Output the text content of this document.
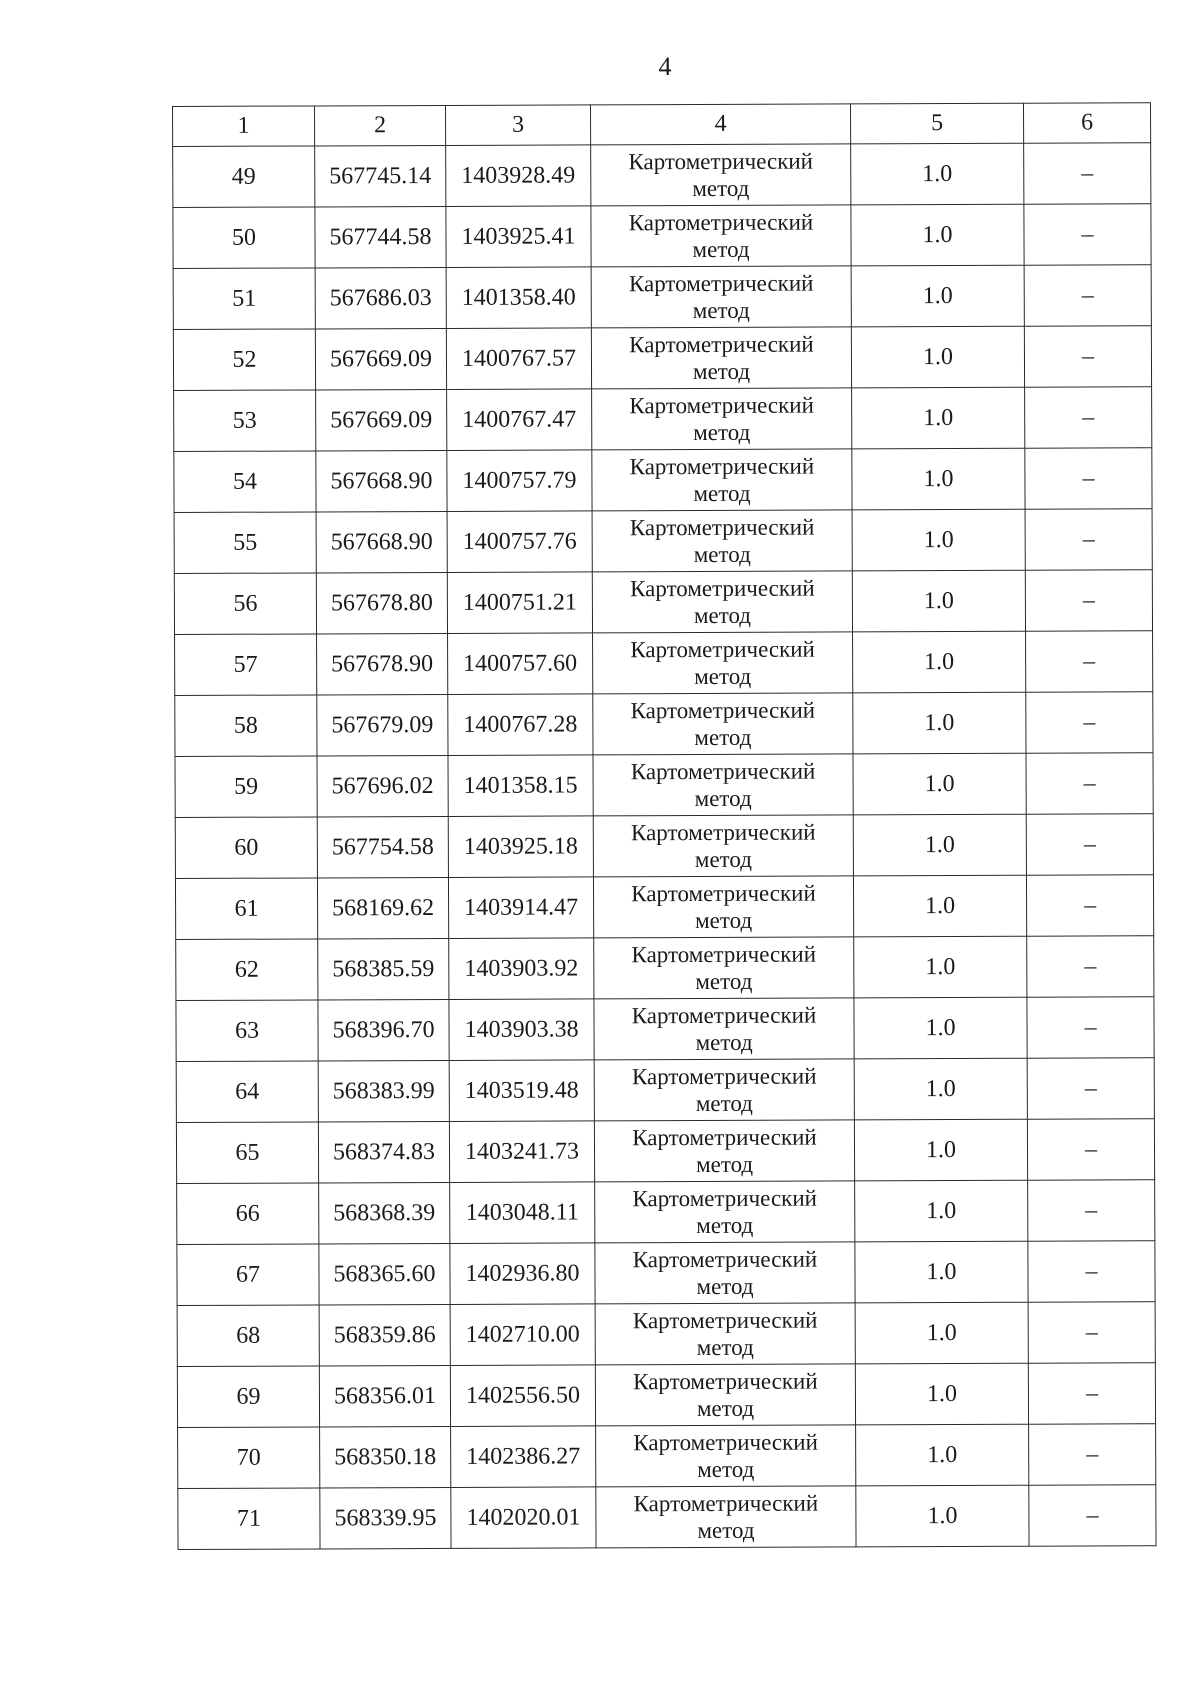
4
1	2	3	4	5	6
49	567745.14	1403928.49	Картометрический
метод	1.0	–
50	567744.58	1403925.41	Картометрический
метод	1.0	–
51	567686.03	1401358.40	Картометрический
метод	1.0	–
52	567669.09	1400767.57	Картометрический
метод	1.0	–
53	567669.09	1400767.47	Картометрический
метод	1.0	–
54	567668.90	1400757.79	Картометрический
метод	1.0	–
55	567668.90	1400757.76	Картометрический
метод	1.0	–
56	567678.80	1400751.21	Картометрический
метод	1.0	–
57	567678.90	1400757.60	Картометрический
метод	1.0	–
58	567679.09	1400767.28	Картометрический
метод	1.0	–
59	567696.02	1401358.15	Картометрический
метод	1.0	–
60	567754.58	1403925.18	Картометрический
метод	1.0	–
61	568169.62	1403914.47	Картометрический
метод	1.0	–
62	568385.59	1403903.92	Картометрический
метод	1.0	–
63	568396.70	1403903.38	Картометрический
метод	1.0	–
64	568383.99	1403519.48	Картометрический
метод	1.0	–
65	568374.83	1403241.73	Картометрический
метод	1.0	–
66	568368.39	1403048.11	Картометрический
метод	1.0	–
67	568365.60	1402936.80	Картометрический
метод	1.0	–
68	568359.86	1402710.00	Картометрический
метод	1.0	–
69	568356.01	1402556.50	Картометрический
метод	1.0	–
70	568350.18	1402386.27	Картометрический
метод	1.0	–
71	568339.95	1402020.01	Картометрический
метод	1.0	–
